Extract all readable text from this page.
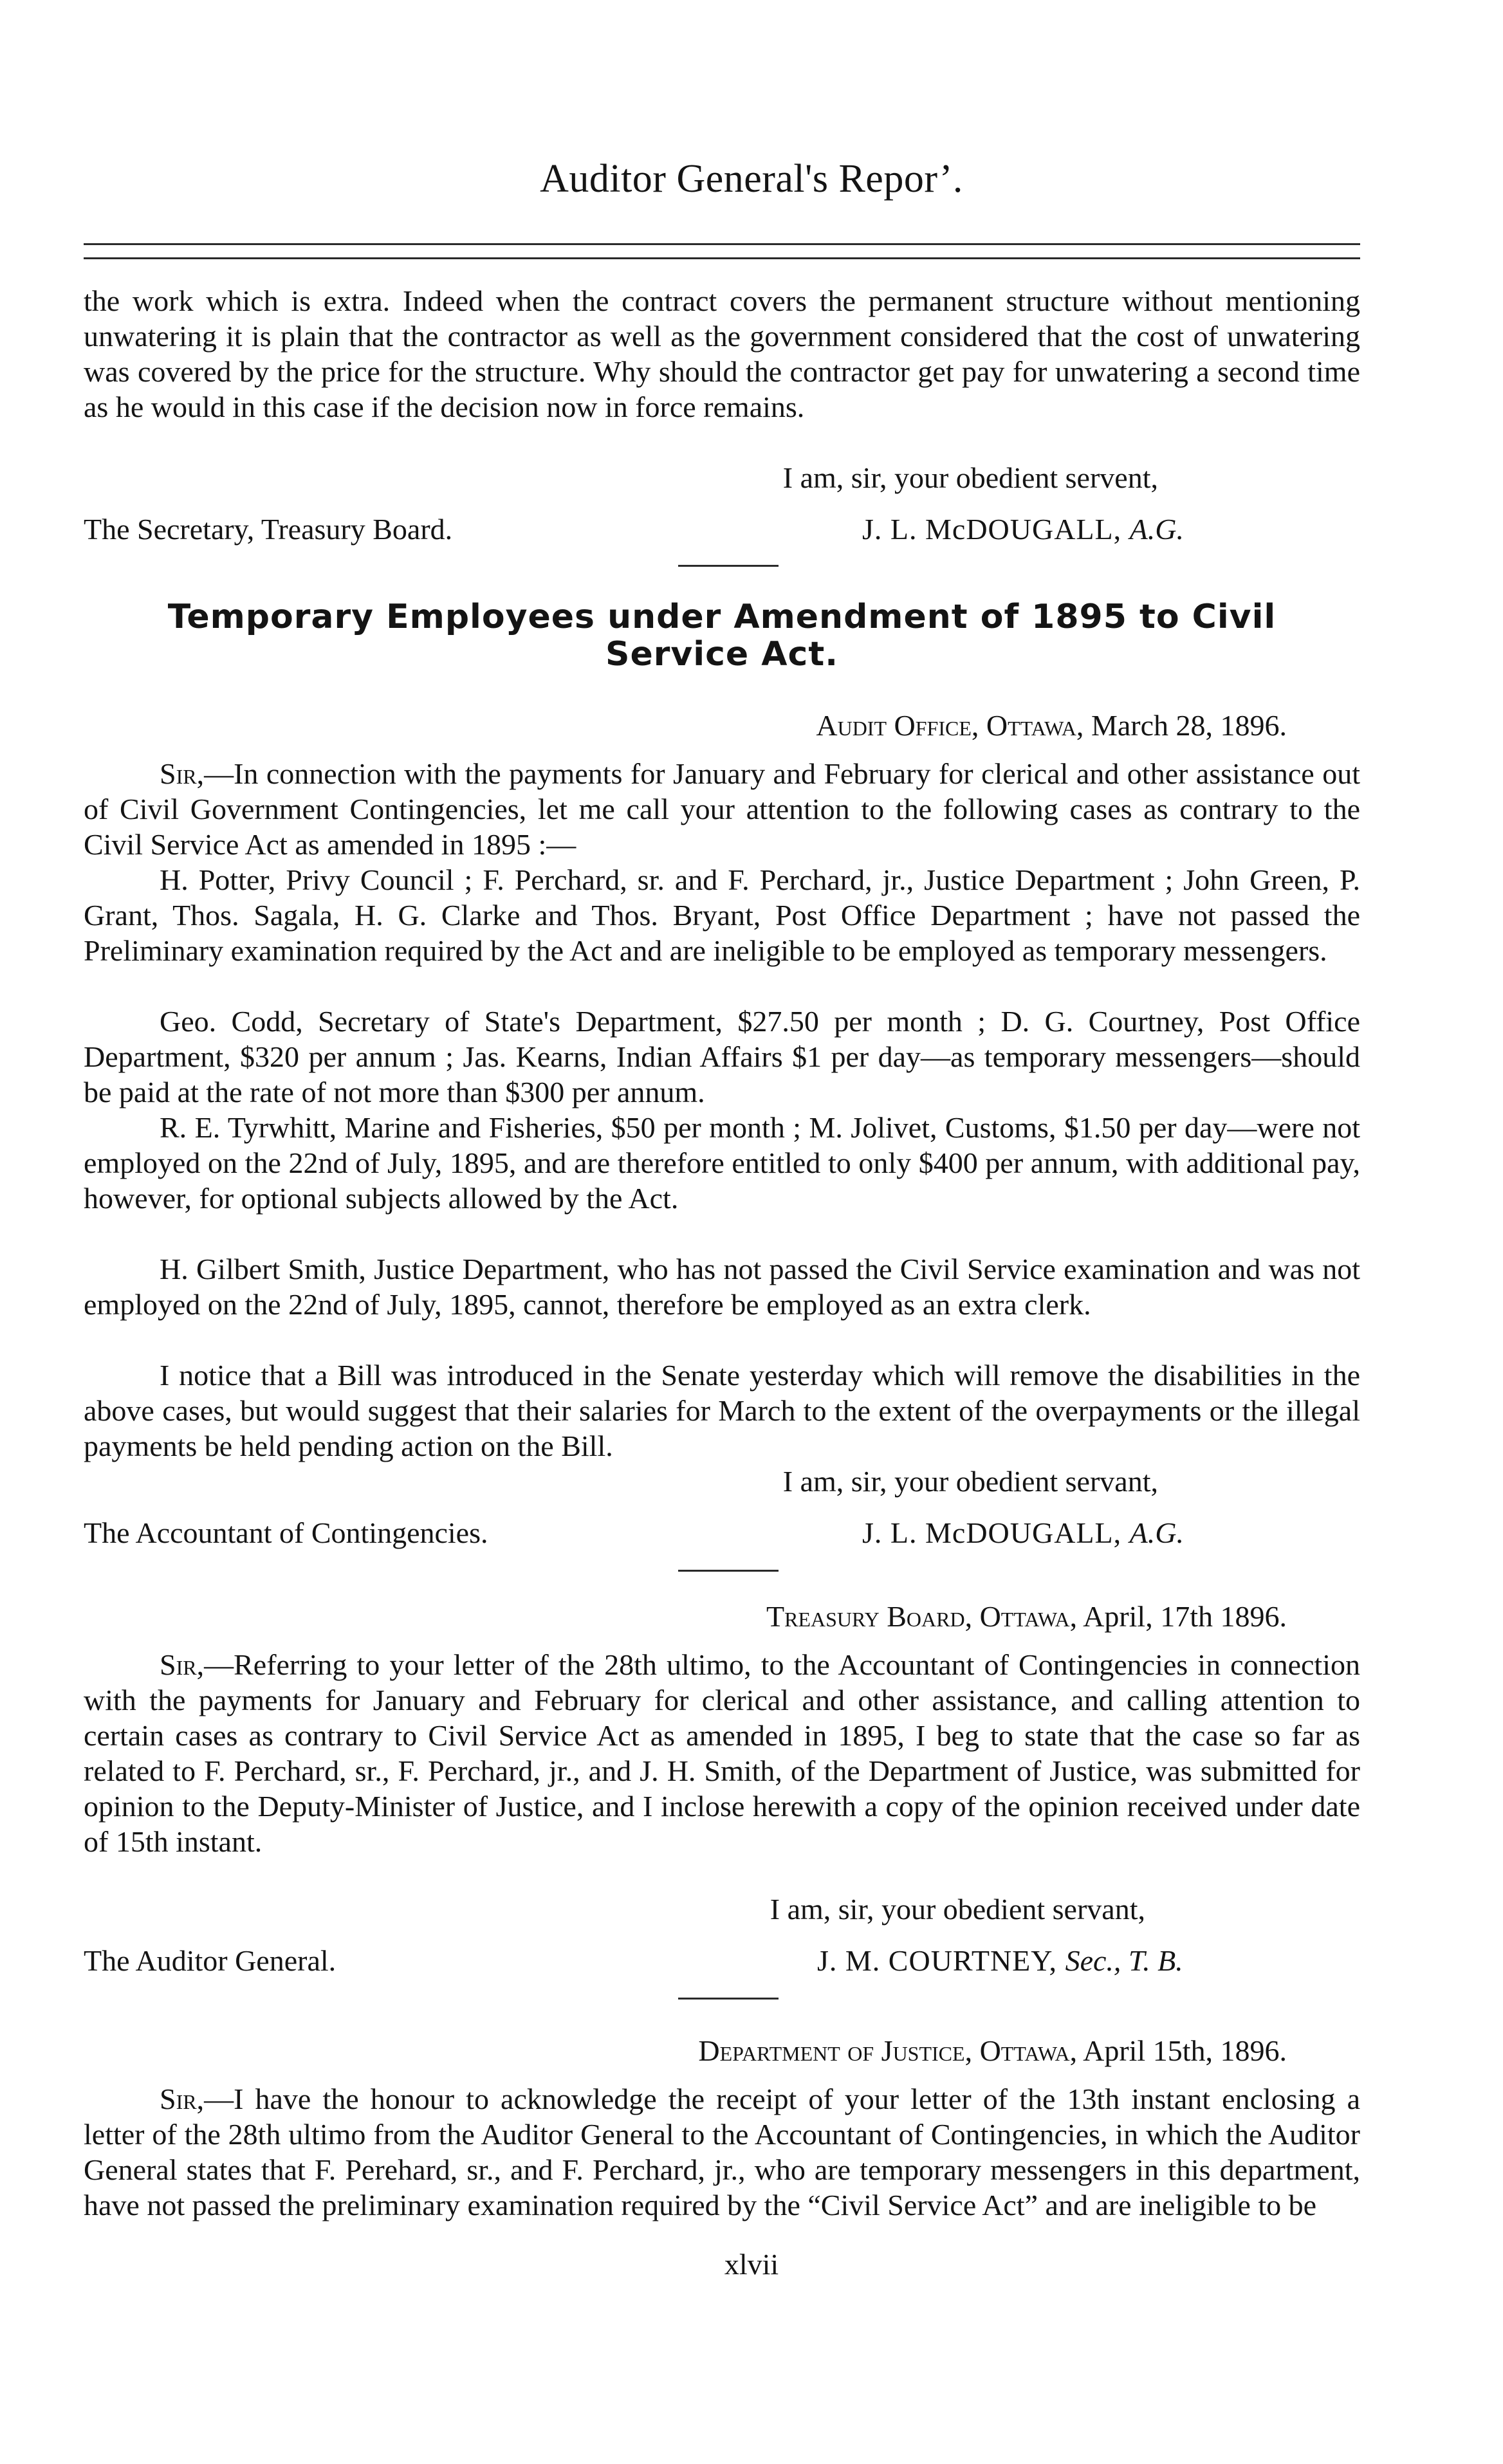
Auditor General's Repor’.

the work which is extra. Indeed when the contract covers the permanent structure without mentioning unwatering it is plain that the contractor as well as the government considered that the cost of unwatering was covered by the price for the structure. Why should the contractor get pay for unwatering a second time as he would in this case if the decision now in force remains.

I am, sir, your obedient servent,
The Secretary, Treasury Board.	J. L. McDOUGALL, A.G.
Temporary Employees under Amendment of 1895 to Civil
Service Act.
Audit Office, Ottawa, March 28, 1896.

Sir,—In connection with the payments for January and February for clerical and other assistance out of Civil Government Contingencies, let me call your attention to the following cases as contrary to the Civil Service Act as amended in 1895 :—

H. Potter, Privy Council ; F. Perchard, sr. and F. Perchard, jr., Justice Department ; John Green, P. Grant, Thos. Sagala, H. G. Clarke and Thos. Bryant, Post Office Department ; have not passed the Preliminary examination required by the Act and are ineligible to be employed as temporary messengers.

Geo. Codd, Secretary of State's Department, $27.50 per month ; D. G. Courtney, Post Office Department, $320 per annum ; Jas. Kearns, Indian Affairs $1 per day—as temporary messengers—should be paid at the rate of not more than $300 per annum.

R. E. Tyrwhitt, Marine and Fisheries, $50 per month ; M. Jolivet, Customs, $1.50 per day—were not employed on the 22nd of July, 1895, and are therefore entitled to only $400 per annum, with additional pay, however, for optional subjects allowed by the Act.

H. Gilbert Smith, Justice Department, who has not passed the Civil Service examination and was not employed on the 22nd of July, 1895, cannot, therefore be employed as an extra clerk.

I notice that a Bill was introduced in the Senate yesterday which will remove the disabilities in the above cases, but would suggest that their salaries for March to the extent of the overpayments or the illegal payments be held pending action on the Bill.

I am, sir, your obedient servant,
The Accountant of Contingencies.	J. L. McDOUGALL, A.G.
Treasury Board, Ottawa, April, 17th 1896.

Sir,—Referring to your letter of the 28th ultimo, to the Accountant of Contingencies in connection with the payments for January and February for clerical and other assistance, and calling attention to certain cases as contrary to Civil Service Act as amended in 1895, I beg to state that the case so far as related to F. Perchard, sr., F. Perchard, jr., and J. H. Smith, of the Department of Justice, was submitted for opinion to the Deputy-Minister of Justice, and I inclose herewith a copy of the opinion received under date of 15th instant.

I am, sir, your obedient servant,
The Auditor General.	J. M. COURTNEY, Sec., T. B.
Department of Justice, Ottawa, April 15th, 1896.

Sir,—I have the honour to acknowledge the receipt of your letter of the 13th instant enclosing a letter of the 28th ultimo from the Auditor General to the Accountant of Contingencies, in which the Auditor General states that F. Perehard, sr., and F. Perchard, jr., who are temporary messengers in this department, have not passed the preliminary examination required by the “Civil Service Act” and are ineligible to be

xlvii
